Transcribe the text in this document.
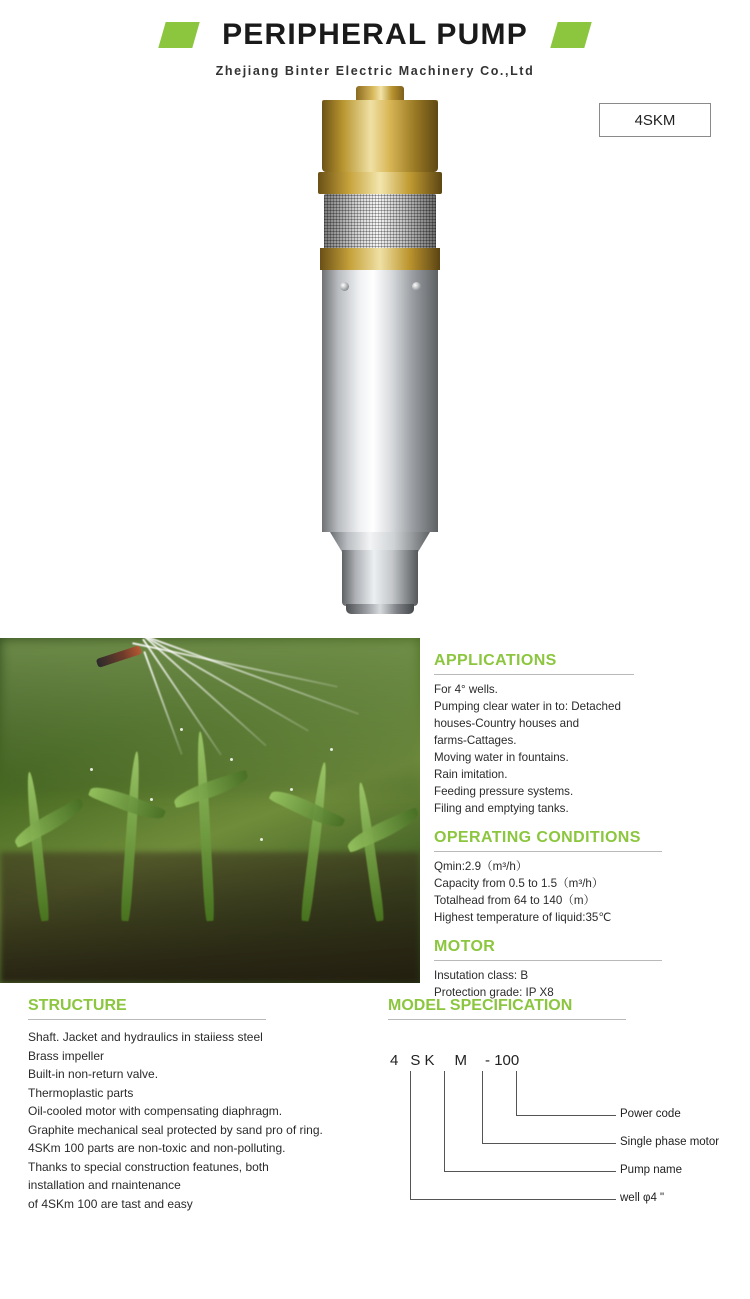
PERIPHERAL PUMP
Zhejiang Binter Electric Machinery Co.,Ltd
4SKM
APPLICATIONS
For 4° wells.
Pumping clear water in to: Detached
houses-Country houses and
farms-Cattages.
Moving water in fountains.
Rain imitation.
Feeding pressure systems.
Filing and emptying tanks.
OPERATING CONDITIONS
Qmin:2.9（m³/h）
Capacity from 0.5 to 1.5（m³/h）
Totalhead from 64 to 140（m）
Highest temperature of liquid:35℃
MOTOR
Insutation class: B
Protection grade: IP X8
STRUCTURE
Shaft. Jacket and hydraulics in staiiess steel
Brass impeller
Built-in non-return valve.
Thermoplastic parts
Oil-cooled motor with compensating diaphragm.
Graphite mechanical seal protected by sand pro of ring.
4SKm 100 parts are non-toxic and non-polluting.
Thanks to special construction featunes, both
installation and rnaintenance
of 4SKm 100 are tast and easy
MODEL SPECIFICATION
4 S K M - 100
Power code
Single phase motor
Pump name
well φ4 "
